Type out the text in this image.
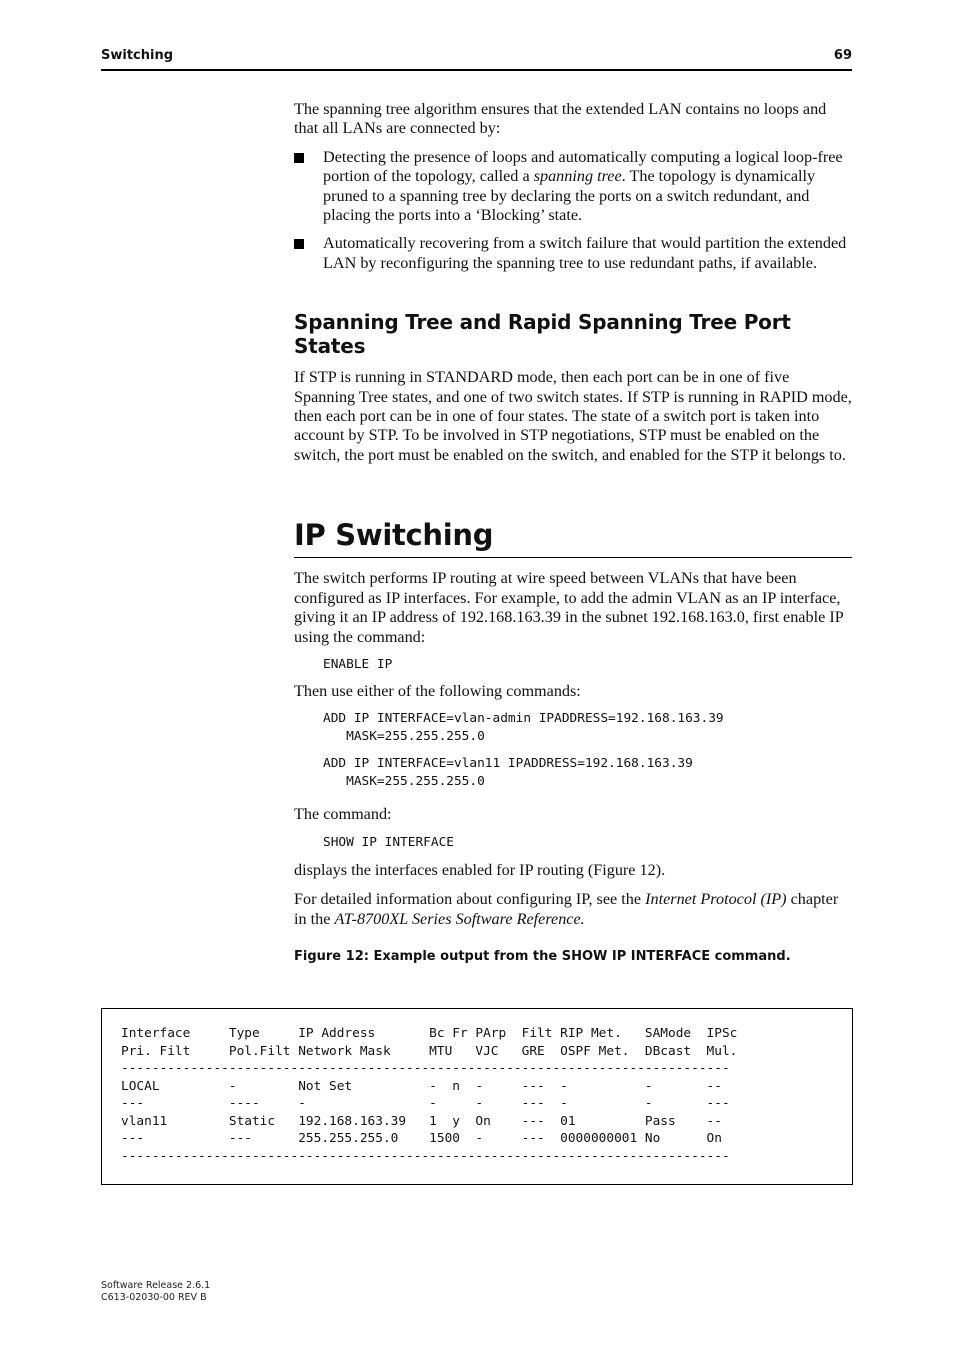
Switching	69

The spanning tree algorithm ensures that the extended LAN contains no loops and that all LANs are connected by:

Detecting the presence of loops and automatically computing a logical loop-free portion of the topology, called a spanning tree. The topology is dynamically pruned to a spanning tree by declaring the ports on a switch redundant, and placing the ports into a ‘Blocking’ state.
Automatically recovering from a switch failure that would partition the extended LAN by reconfiguring the spanning tree to use redundant paths, if available.
Spanning Tree and Rapid Spanning Tree Port States

If STP is running in STANDARD mode, then each port can be in one of five Spanning Tree states, and one of two switch states. If STP is running in RAPID mode, then each port can be in one of four states. The state of a switch port is taken into account by STP. To be involved in STP negotiations, STP must be enabled on the switch, the port must be enabled on the switch, and enabled for the STP it belongs to.

IP Switching

The switch performs IP routing at wire speed between VLANs that have been configured as IP interfaces. For example, to add the admin VLAN as an IP interface, giving it an IP address of 192.168.163.39 in the subnet 192.168.163.0, first enable IP using the command:

ENABLE IP

Then use either of the following commands:

ADD IP INTERFACE=vlan-admin IPADDRESS=192.168.163.39
MASK=255.255.255.0
ADD IP INTERFACE=vlan11 IPADDRESS=192.168.163.39
MASK=255.255.255.0

The command:

SHOW IP INTERFACE

displays the interfaces enabled for IP routing (Figure 12).

For detailed information about configuring IP, see the Internet Protocol (IP) chapter in the AT-8700XL Series Software Reference.

Figure 12: Example output from the SHOW IP INTERFACE command.

Interface     Type     IP Address       Bc Fr PArp  Filt RIP Met.   SAMode  IPSc
Pri. Filt     Pol.Filt Network Mask     MTU   VJC   GRE  OSPF Met.  DBcast  Mul.
-------------------------------------------------------------------------------
LOCAL         -        Not Set          -  n  -     ---  -          -       --
---           ----     -                -     -     ---  -          -       ---
vlan11        Static   192.168.163.39   1  y  On    ---  01         Pass    --
---           ---      255.255.255.0    1500  -     ---  0000000001 No      On
-------------------------------------------------------------------------------
Software Release 2.6.1
C613-02030-00 REV B
